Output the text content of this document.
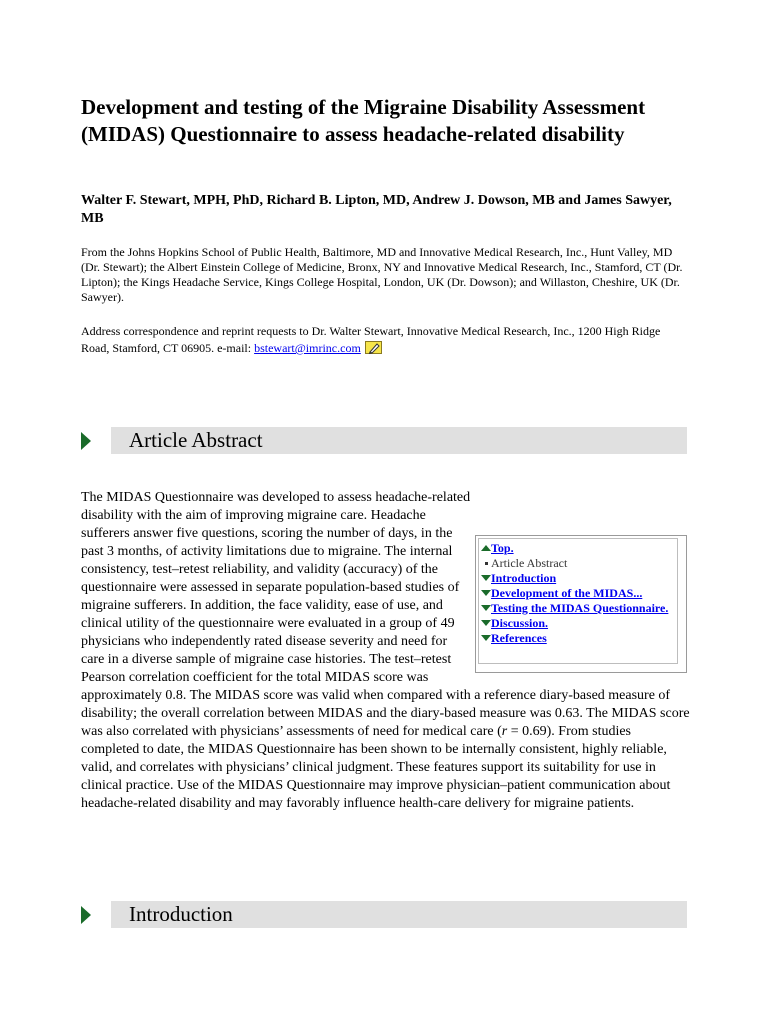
Development and testing of the Migraine Disability Assessment (MIDAS) Questionnaire to assess headache-related disability

Walter F. Stewart, MPH, PhD, Richard B. Lipton, MD, Andrew J. Dowson, MB and James Sawyer, MB

From the Johns Hopkins School of Public Health, Baltimore, MD and Innovative Medical Research, Inc., Hunt Valley, MD (Dr. Stewart); the Albert Einstein College of Medicine, Bronx, NY and Innovative Medical Research, Inc., Stamford, CT (Dr. Lipton); the Kings Headache Service, Kings College Hospital, London, UK (Dr. Dowson); and Willaston, Cheshire, UK (Dr. Sawyer).

Address correspondence and reprint requests to Dr. Walter Stewart, Innovative Medical Research, Inc., 1200 High Ridge Road, Stamford, CT 06905. e-mail: bstewart@imrinc.com

Article Abstract
Top.
Article Abstract
Introduction
Development of the MIDAS...
Testing the MIDAS Questionnaire.
Discussion.
References
The MIDAS Questionnaire was developed to assess headache-related disability with the aim of improving migraine care. Headache sufferers answer five questions, scoring the number of days, in the past 3 months, of activity limitations due to migraine. The internal consistency, test–retest reliability, and validity (accuracy) of the questionnaire were assessed in separate population-based studies of migraine sufferers. In addition, the face validity, ease of use, and clinical utility of the questionnaire were evaluated in a group of 49 physicians who independently rated disease severity and need for care in a diverse sample of migraine case histories. The test–retest Pearson correlation coefficient for the total MIDAS score was approximately 0.8. The MIDAS score was valid when compared with a reference diary-based measure of disability; the overall correlation between MIDAS and the diary-based measure was 0.63. The MIDAS score was also correlated with physicians’ assessments of need for medical care (r = 0.69). From studies completed to date, the MIDAS Questionnaire has been shown to be internally consistent, highly reliable, valid, and correlates with physicians’ clinical judgment. These features support its suitability for use in clinical practice. Use of the MIDAS Questionnaire may improve physician–patient communication about headache-related disability and may favorably influence health-care delivery for migraine patients.
Introduction
